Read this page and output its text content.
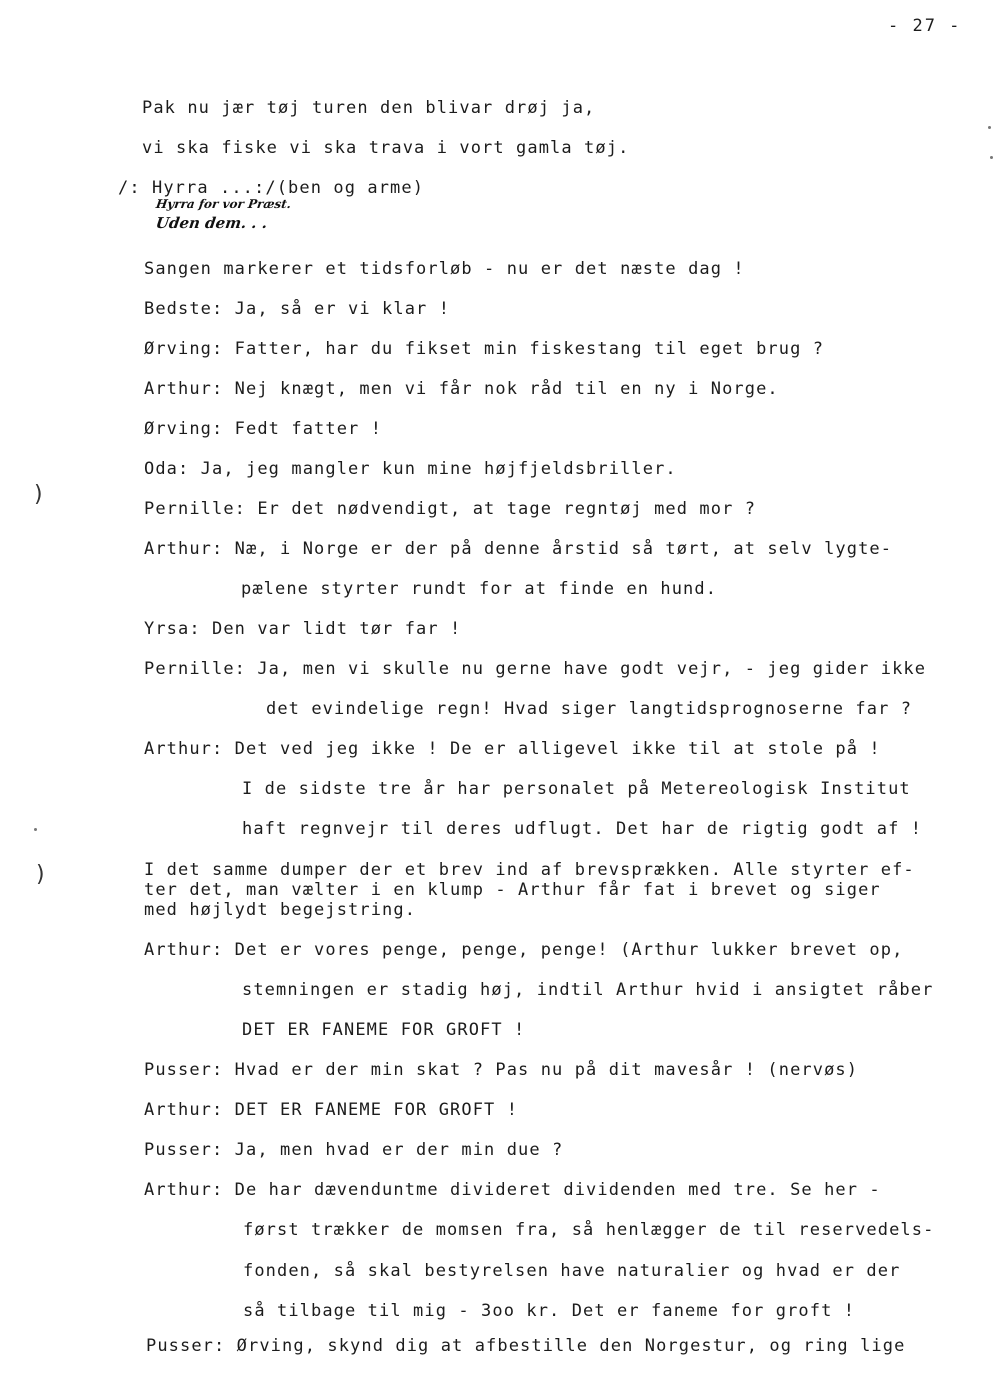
- 27 -
Pak nu jær tøj turen den blivar drøj ja,
vi ska fiske vi ska trava i vort gamla tøj.
/: Hyrra ...:/(ben og arme)
Hyrra for vor Præst.
Uden dem. . .
Sangen markerer et tidsforløb - nu er det næste dag !
Bedste: Ja, så er vi klar !
Ørving: Fatter, har du fikset min fiskestang til eget brug ?
Arthur: Nej knægt, men vi får nok råd til en ny i Norge.
Ørving: Fedt fatter !
Oda: Ja, jeg mangler kun mine højfjeldsbriller.
Pernille: Er det nødvendigt, at tage regntøj med mor ?
Arthur: Næ, i Norge er der på denne årstid så tørt, at selv lygte-
pælene styrter rundt for at finde en hund.
Yrsa: Den var lidt tør far !
Pernille: Ja, men vi skulle nu gerne have godt vejr, - jeg gider ikke
det evindelige regn! Hvad siger langtidsprognoserne far ?
Arthur: Det ved jeg ikke ! De er alligevel ikke til at stole på !
I de sidste tre år har personalet på Metereologisk Institut
haft regnvejr til deres udflugt. Det har de rigtig godt af !
I det samme dumper der et brev ind af brevsprækken. Alle styrter ef-
ter det, man vælter i en klump - Arthur får fat i brevet og siger
med højlydt begejstring.
Arthur: Det er vores penge, penge, penge! (Arthur lukker brevet op,
stemningen er stadig høj, indtil Arthur hvid i ansigtet råber
DET ER FANEME FOR GROFT !
Pusser: Hvad er der min skat ? Pas nu på dit mavesår ! (nervøs)
Arthur: DET ER FANEME FOR GROFT !
Pusser: Ja, men hvad er der min due ?
Arthur: De har dævenduntme divideret dividenden med tre. Se her -
først trækker de momsen fra, så henlægger de til reservedels-
fonden, så skal bestyrelsen have naturalier og hvad er der
så tilbage til mig - 3oo kr. Det er faneme for groft !
Pusser: Ørving, skynd dig at afbestille den Norgestur, og ring lige
)
)
